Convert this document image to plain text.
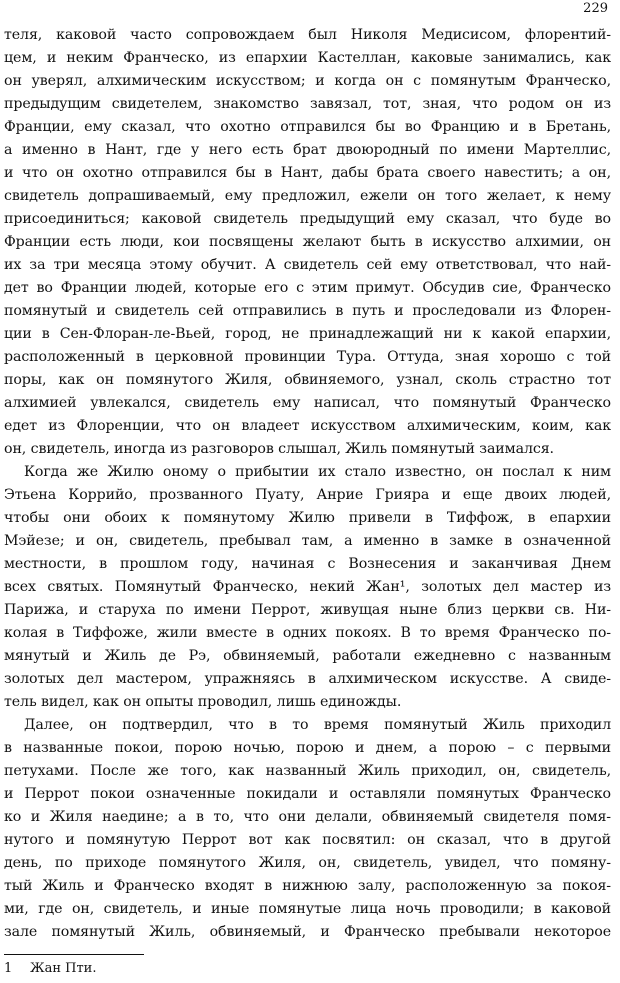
229
теля, каковой часто сопровождаем был Николя Медисисом, флорентий-
цем, и неким Франческо, из епархии Кастеллан, каковые занимались, как
он уверял, алхимическим искусством; и когда он с помянутым Франческо,
предыдущим свидетелем, знакомство завязал, тот, зная, что родом он из
Франции, ему сказал, что охотно отправился бы во Францию и в Бретань,
а именно в Нант, где у него есть брат двоюродный по имени Мартеллис,
и что он охотно отправился бы в Нант, дабы брата своего навестить; а он,
свидетель допрашиваемый, ему предложил, ежели он того желает, к нему
присоединиться; каковой свидетель предыдущий ему сказал, что буде во
Франции есть люди, кои посвящены желают быть в искусство алхимии, он
их за три месяца этому обучит. А свидетель сей ему ответствовал, что най-
дет во Франции людей, которые его с этим примут. Обсудив сие, Франческо
помянутый и свидетель сей отправились в путь и проследовали из Флорен-
ции в Сен-Флоран-ле-Вьей, город, не принадлежащий ни к какой епархии,
расположенный в церковной провинции Тура. Оттуда, зная хорошо с той
поры, как он помянутого Жиля, обвиняемого, узнал, сколь страстно тот
алхимией увлекался, свидетель ему написал, что помянутый Франческо
едет из Флоренции, что он владеет искусством алхимическим, коим, как
он, свидетель, иногда из разговоров слышал, Жиль помянутый заимался.
Когда же Жилю оному о прибытии их стало известно, он послал к ним
Этьена Коррийо, прозванного Пуату, Анрие Грияра и еще двоих людей,
чтобы они обоих к помянутому Жилю привели в Тиффож, в епархии
Мэйезе; и он, свидетель, пребывал там, а именно в замке в означенной
местности, в прошлом году, начиная с Вознесения и заканчивая Днем
всех святых. Помянутый Франческо, некий Жан¹, золотых дел мастер из
Парижа, и старуха по имени Перрот, живущая ныне близ церкви св. Ни-
колая в Тиффоже, жили вместе в одних покоях. В то время Франческо по-
мянутый и Жиль де Рэ, обвиняемый, работали ежедневно с названным
золотых дел мастером, упражняясь в алхимическом искусстве. А свиде-
тель видел, как он опыты проводил, лишь единожды.
Далее, он подтвердил, что в то время помянутый Жиль приходил
в названные покои, порою ночью, порою и днем, а порою – с первыми
петухами. После же того, как названный Жиль приходил, он, свидетель,
и Перрот покои означенные покидали и оставляли помянутых Франческо
ко и Жиля наедине; а в то, что они делали, обвиняемый свидетеля помя-
нутого и помянутую Перрот вот как посвятил: он сказал, что в другой
день, по приходе помянутого Жиля, он, свидетель, увидел, что помяну-
тый Жиль и Франческо входят в нижнюю залу, расположенную за покоя-
ми, где он, свидетель, и иные помянутые лица ночь проводили; в каковой
зале помянутый Жиль, обвиняемый, и Франческо пребывали некоторое
1 Жан Пти.
